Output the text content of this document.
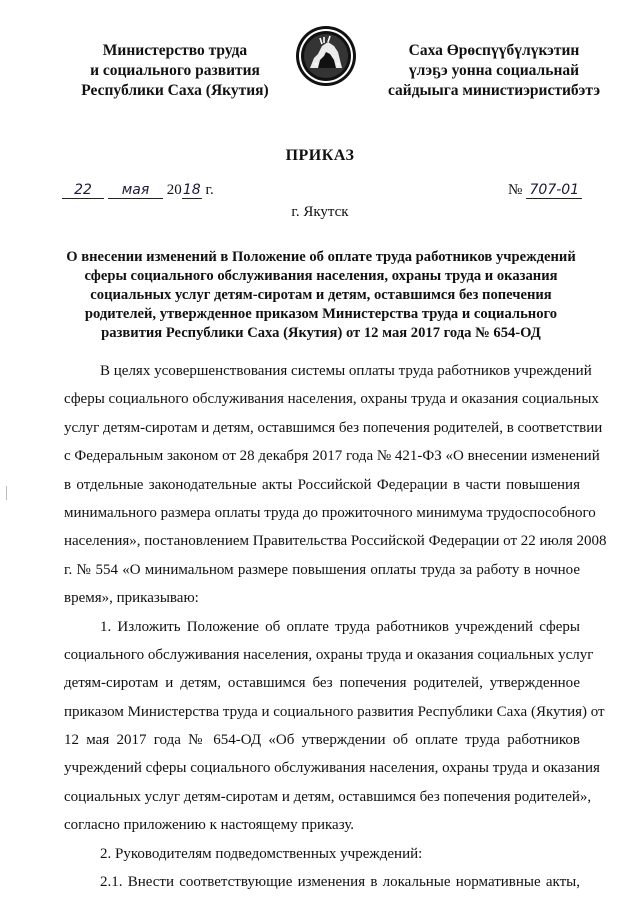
Министерство труда
и социального развития
Республики Саха (Якутия)
Саха Өрөспүүбүлүкэтин
үлэҕэ уонна социальнай
сайдыыга министиэристибэтэ
ПРИКАЗ
22 мая 2018 г.	№ 707-01
г. Якутск
О внесении изменений в Положение об оплате труда работников учреждений
сферы социального обслуживания населения, охраны труда и оказания
социальных услуг детям-сиротам и детям, оставшимся без попечения
родителей, утвержденное приказом Министерства труда и социального
развития Республики Саха (Якутия) от 12 мая 2017 года № 654-ОД
В целях усовершенствования системы оплаты труда работников учреждений
сферы социального обслуживания населения, охраны труда и оказания социальных
услуг детям-сиротам и детям, оставшимся без попечения родителей, в соответствии
с Федеральным законом от 28 декабря 2017 года № 421-ФЗ «О внесении изменений
в отдельные законодательные акты Российской Федерации в части повышения
минимального размера оплаты труда до прожиточного минимума трудоспособного
населения», постановлением Правительства Российской Федерации от 22 июля 2008
г. № 554 «О минимальном размере повышения оплаты труда за работу в ночное
время», приказываю:
1. Изложить Положение об оплате труда работников учреждений сферы
социального обслуживания населения, охраны труда и оказания социальных услуг
детям-сиротам и детям, оставшимся без попечения родителей, утвержденное
приказом Министерства труда и социального развития Республики Саха (Якутия) от
12 мая 2017 года № 654-ОД «Об утверждении об оплате труда работников
учреждений сферы социального обслуживания населения, охраны труда и оказания
социальных услуг детям-сиротам и детям, оставшимся без попечения родителей»,
согласно приложению к настоящему приказу.
2. Руководителям подведомственных учреждений:
2.1. Внести соответствующие изменения в локальные нормативные акты,
